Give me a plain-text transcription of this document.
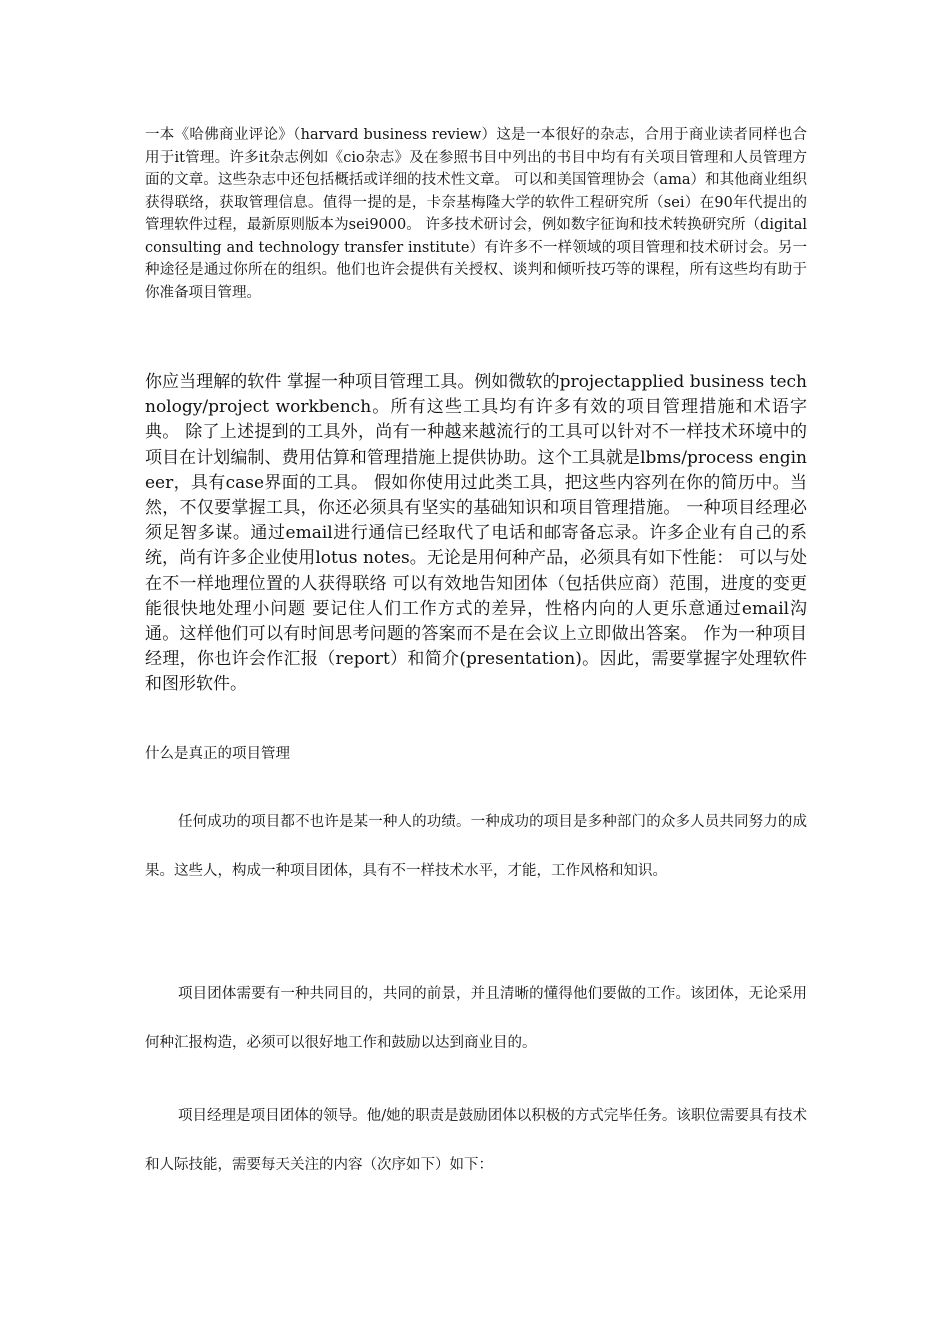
一本《哈佛商业评论》（harvard business review）这是一本很好的杂志，合用于商业读者同样也合用于it管理。许多it杂志例如《cio杂志》及在参照书目中列出的书目中均有有关项目管理和人员管理方面的文章。这些杂志中还包括概括或详细的技术性文章。 可以和美国管理协会（ama）和其他商业组织获得联络，获取管理信息。值得一提的是，卡奈基梅隆大学的软件工程研究所（sei）在90年代提出的管理软件过程，最新原则版本为sei9000。 许多技术研讨会，例如数字征询和技术转换研究所（digital consulting and technology transfer institute）有许多不一样领域的项目管理和技术研讨会。另一种途径是通过你所在的组织。他们也许会提供有关授权、谈判和倾听技巧等的课程，所有这些均有助于你准备项目管理。

你应当理解的软件 掌握一种项目管理工具。例如微软的projectapplied business technology/project workbench。所有这些工具均有许多有效的项目管理措施和术语字典。 除了上述提到的工具外，尚有一种越来越流行的工具可以针对不一样技术环境中的项目在计划编制、费用估算和管理措施上提供协助。这个工具就是lbms/process engineer，具有case界面的工具。 假如你使用过此类工具，把这些内容列在你的简历中。当然，不仅要掌握工具，你还必须具有坚实的基础知识和项目管理措施。 一种项目经理必须足智多谋。通过email进行通信已经取代了电话和邮寄备忘录。许多企业有自己的系统，尚有许多企业使用lotus notes。无论是用何种产品，必须具有如下性能： 可以与处在不一样地理位置的人获得联络 可以有效地告知团体（包括供应商）范围，进度的变更 能很快地处理小问题 要记住人们工作方式的差异，性格内向的人更乐意通过email沟通。这样他们可以有时间思考问题的答案而不是在会议上立即做出答案。 作为一种项目经理，你也许会作汇报（report）和简介(presentation)。因此，需要掌握字处理软件和图形软件。

什么是真正的项目管理

任何成功的项目都不也许是某一种人的功绩。一种成功的项目是多种部门的众多人员共同努力的成果。这些人，构成一种项目团体，具有不一样技术水平，才能，工作风格和知识。

项目团体需要有一种共同目的，共同的前景，并且清晰的懂得他们要做的工作。该团体，无论采用何种汇报构造，必须可以很好地工作和鼓励以达到商业目的。

项目经理是项目团体的领导。他/她的职责是鼓励团体以积极的方式完毕任务。该职位需要具有技术和人际技能，需要每天关注的内容（次序如下）如下：
